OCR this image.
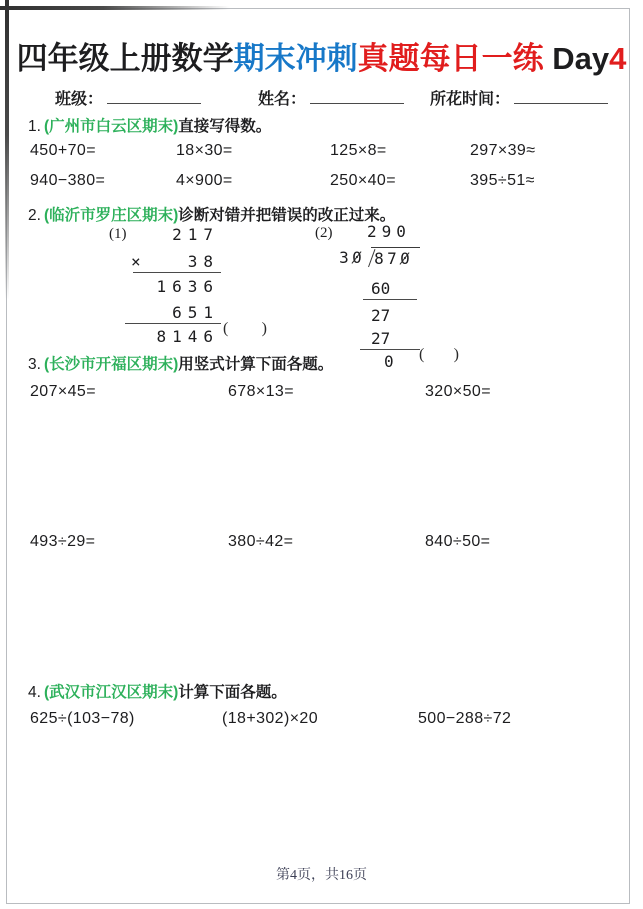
四年级上册数学期末冲刺真题每日一练 Day4
班级：	姓名：	所花时间：
1. (广州市白云区期末)直接写得数。
450+70=	18×30=	125×8=	297×39≈
940−380=	4×900=	250×40=	395÷51≈
2. (临沂市罗庄区期末)诊断对错并把错误的改正过来。
(1)	217
×	38
1636
651
8146 ( )
(2) 290
3 0 8 7 0
60
27
27
0 ( )
3. (长沙市开福区期末)用竖式计算下面各题。
207×45=	678×13=	320×50=
493÷29=	380÷42=	840÷50=
4. (武汉市江汉区期末)计算下面各题。
625÷(103−78)	(18+302)×20	500−288÷72
第4页，共16页
